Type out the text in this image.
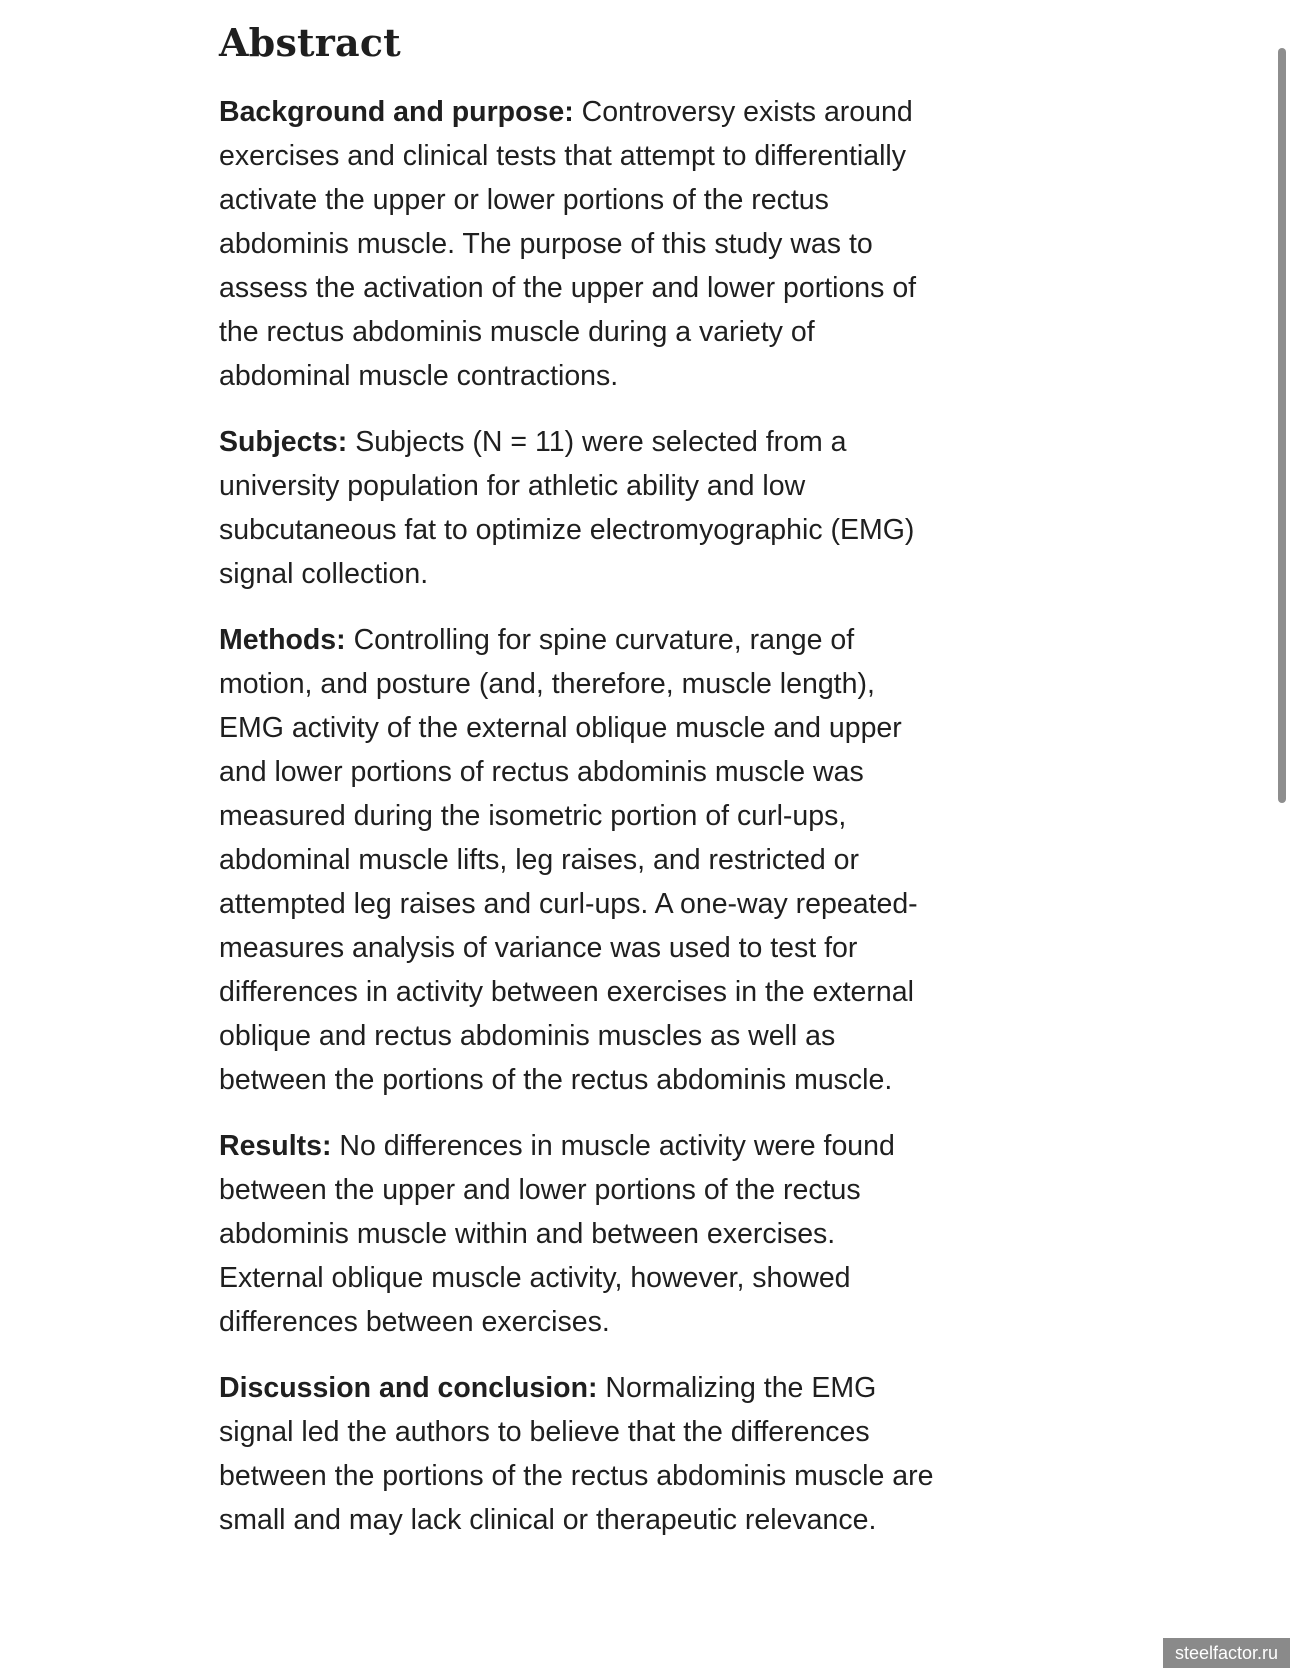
Abstract

Background and purpose: Controversy exists around exercises and clinical tests that attempt to differentially activate the upper or lower portions of the rectus abdominis muscle. The purpose of this study was to assess the activation of the upper and lower portions of the rectus abdominis muscle during a variety of abdominal muscle contractions.

Subjects: Subjects (N = 11) were selected from a university population for athletic ability and low subcutaneous fat to optimize electromyographic (EMG) signal collection.

Methods: Controlling for spine curvature, range of motion, and posture (and, therefore, muscle length), EMG activity of the external oblique muscle and upper and lower portions of rectus abdominis muscle was measured during the isometric portion of curl-ups, abdominal muscle lifts, leg raises, and restricted or attempted leg raises and curl-ups. A one-way repeated-measures analysis of variance was used to test for differences in activity between exercises in the external oblique and rectus abdominis muscles as well as between the portions of the rectus abdominis muscle.

Results: No differences in muscle activity were found between the upper and lower portions of the rectus abdominis muscle within and between exercises. External oblique muscle activity, however, showed differences between exercises.

Discussion and conclusion: Normalizing the EMG signal led the authors to believe that the differences between the portions of the rectus abdominis muscle are small and may lack clinical or therapeutic relevance.

steelfactor.ru
